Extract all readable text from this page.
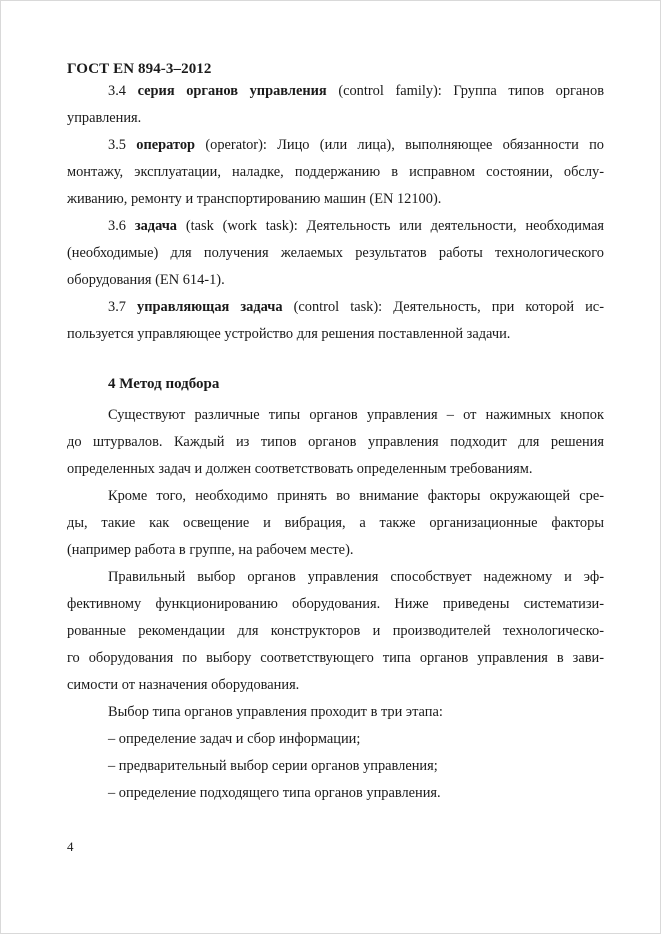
ГОСТ EN 894-3–2012
3.4 серия органов управления (control family): Группа типов органов
управления.
3.5 оператор (operator): Лицо (или лица), выполняющее обязанности по
монтажу, эксплуатации, наладке, поддержанию в исправном состоянии, обслу-
живанию, ремонту и транспортированию машин (EN 12100).
3.6 задача (task (work task): Деятельность или деятельности, необходимая
(необходимые) для получения желаемых результатов работы технологического
оборудования (EN 614-1).
3.7 управляющая задача (control task): Деятельность, при которой ис-
пользуется управляющее устройство для решения поставленной задачи.
4 Метод подбора
Существуют различные типы органов управления – от нажимных кнопок
до штурвалов. Каждый из типов органов управления подходит для решения
определенных задач и должен соответствовать определенным требованиям.
Кроме того, необходимо принять во внимание факторы окружающей сре-
ды, такие как освещение и вибрация, а также организационные факторы
(например работа в группе, на рабочем месте).
Правильный выбор органов управления способствует надежному и эф-
фективному функционированию оборудования. Ниже приведены систематизи-
рованные рекомендации для конструкторов и производителей технологическо-
го оборудования по выбору соответствующего типа органов управления в зави-
симости от назначения оборудования.
Выбор типа органов управления проходит в три этапа:
– определение задач и сбор информации;
– предварительный выбор серии органов управления;
– определение подходящего типа органов управления.
4
